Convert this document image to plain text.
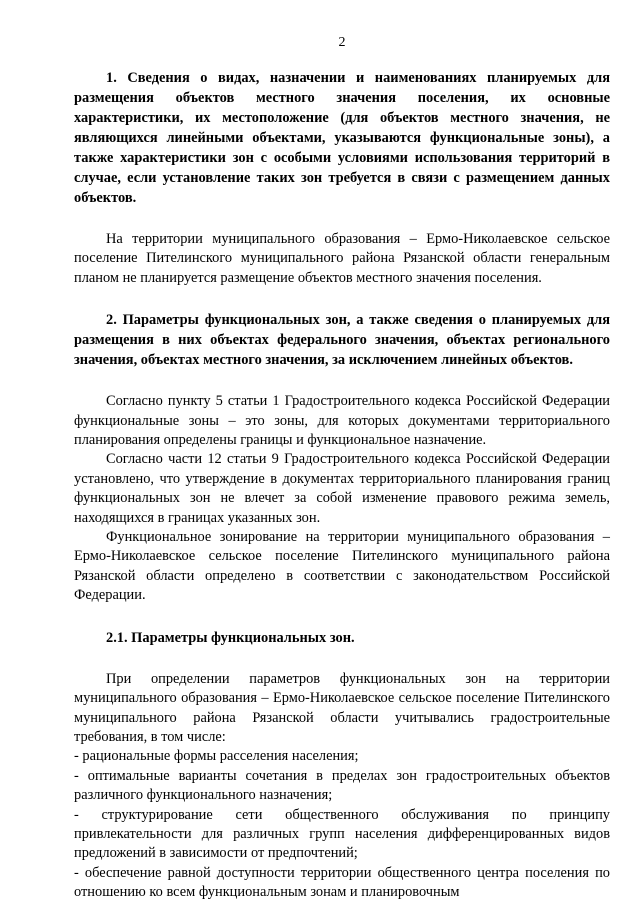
2

1. Сведения о видах, назначении и наименованиях планируемых для размещения объектов местного значения поселения, их основные характеристики, их местоположение (для объектов местного значения, не являющихся линейными объектами, указываются функциональные зоны), а также характеристики зон с особыми условиями использования территорий в случае, если установление таких зон требуется в связи с размещением данных объектов.

На территории муниципального образования – Ермо-Николаевское сельское поселение Пителинского муниципального района Рязанской области генеральным планом не планируется размещение объектов местного значения поселения.

2. Параметры функциональных зон, а также сведения о планируемых для размещения в них объектах федерального значения, объектах регионального значения, объектах местного значения, за исключением линейных объектов.

Согласно пункту 5 статьи 1 Градостроительного кодекса Российской Федерации функциональные зоны – это зоны, для которых документами территориального планирования определены границы и функциональное назначение.

Согласно части 12 статьи 9 Градостроительного кодекса Российской Федерации установлено, что утверждение в документах территориального планирования границ функциональных зон не влечет за собой изменение правового режима земель, находящихся в границах указанных зон.

Функциональное зонирование на территории муниципального образования – Ермо-Николаевское сельское поселение Пителинского муниципального района Рязанской области определено в соответствии с законодательством Российской Федерации.

2.1. Параметры функциональных зон.

При определении параметров функциональных зон на территории муниципального образования – Ермо-Николаевское сельское поселение Пителинского муниципального района Рязанской области учитывались градостроительные требования, в том числе:

- рациональные формы расселения населения;

- оптимальные варианты сочетания в пределах зон градостроительных объектов различного функционального назначения;

- структурирование сети общественного обслуживания по принципу привлекательности для различных групп населения дифференцированных видов предложений в зависимости от предпочтений;

- обеспечение равной доступности территории общественного центра поселения по отношению ко всем функциональным зонам и планировочным
